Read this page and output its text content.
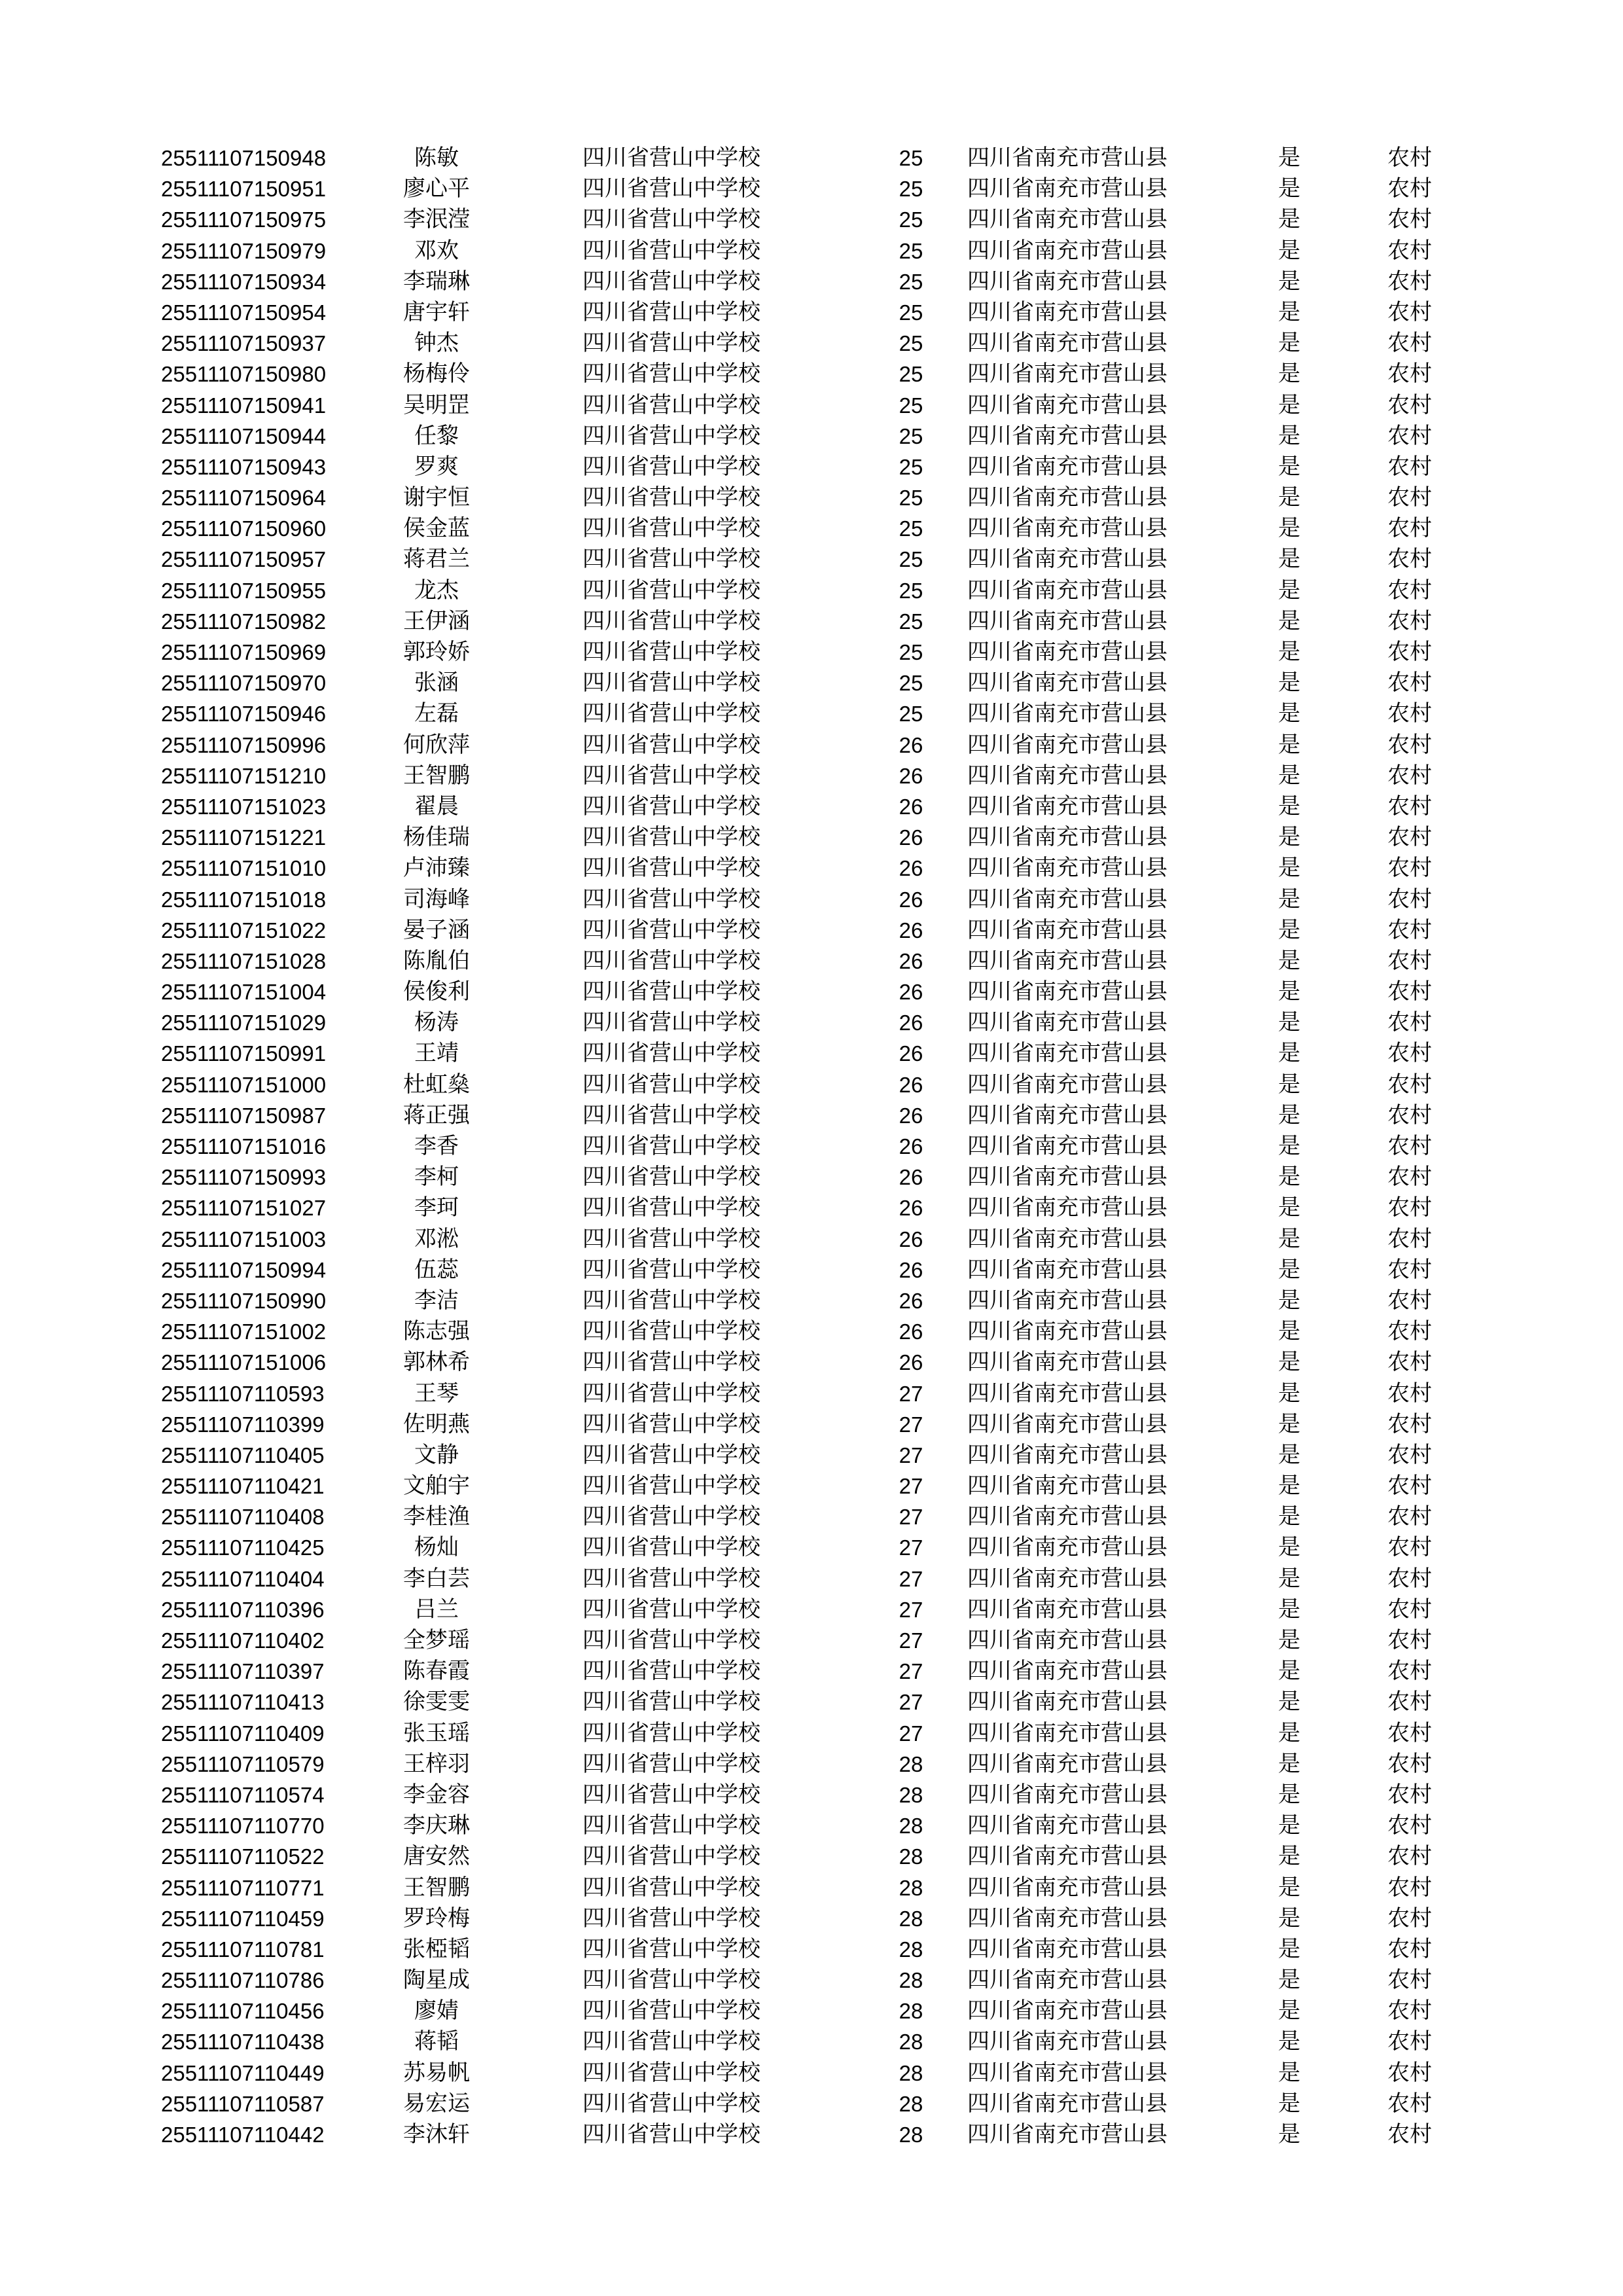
25511107150948	陈敏	四川省营山中学校	25	四川省南充市营山县	是	农村
25511107150951	廖心平	四川省营山中学校	25	四川省南充市营山县	是	农村
25511107150975	李泯滢	四川省营山中学校	25	四川省南充市营山县	是	农村
25511107150979	邓欢	四川省营山中学校	25	四川省南充市营山县	是	农村
25511107150934	李瑞琳	四川省营山中学校	25	四川省南充市营山县	是	农村
25511107150954	唐宇轩	四川省营山中学校	25	四川省南充市营山县	是	农村
25511107150937	钟杰	四川省营山中学校	25	四川省南充市营山县	是	农村
25511107150980	杨梅伶	四川省营山中学校	25	四川省南充市营山县	是	农村
25511107150941	吴明罡	四川省营山中学校	25	四川省南充市营山县	是	农村
25511107150944	任黎	四川省营山中学校	25	四川省南充市营山县	是	农村
25511107150943	罗爽	四川省营山中学校	25	四川省南充市营山县	是	农村
25511107150964	谢宇恒	四川省营山中学校	25	四川省南充市营山县	是	农村
25511107150960	侯金蓝	四川省营山中学校	25	四川省南充市营山县	是	农村
25511107150957	蒋君兰	四川省营山中学校	25	四川省南充市营山县	是	农村
25511107150955	龙杰	四川省营山中学校	25	四川省南充市营山县	是	农村
25511107150982	王伊涵	四川省营山中学校	25	四川省南充市营山县	是	农村
25511107150969	郭玲娇	四川省营山中学校	25	四川省南充市营山县	是	农村
25511107150970	张涵	四川省营山中学校	25	四川省南充市营山县	是	农村
25511107150946	左磊	四川省营山中学校	25	四川省南充市营山县	是	农村
25511107150996	何欣萍	四川省营山中学校	26	四川省南充市营山县	是	农村
25511107151210	王智鹏	四川省营山中学校	26	四川省南充市营山县	是	农村
25511107151023	翟晨	四川省营山中学校	26	四川省南充市营山县	是	农村
25511107151221	杨佳瑞	四川省营山中学校	26	四川省南充市营山县	是	农村
25511107151010	卢沛臻	四川省营山中学校	26	四川省南充市营山县	是	农村
25511107151018	司海峰	四川省营山中学校	26	四川省南充市营山县	是	农村
25511107151022	晏子涵	四川省营山中学校	26	四川省南充市营山县	是	农村
25511107151028	陈胤伯	四川省营山中学校	26	四川省南充市营山县	是	农村
25511107151004	侯俊利	四川省营山中学校	26	四川省南充市营山县	是	农村
25511107151029	杨涛	四川省营山中学校	26	四川省南充市营山县	是	农村
25511107150991	王靖	四川省营山中学校	26	四川省南充市营山县	是	农村
25511107151000	杜虹燊	四川省营山中学校	26	四川省南充市营山县	是	农村
25511107150987	蒋正强	四川省营山中学校	26	四川省南充市营山县	是	农村
25511107151016	李香	四川省营山中学校	26	四川省南充市营山县	是	农村
25511107150993	李柯	四川省营山中学校	26	四川省南充市营山县	是	农村
25511107151027	李珂	四川省营山中学校	26	四川省南充市营山县	是	农村
25511107151003	邓淞	四川省营山中学校	26	四川省南充市营山县	是	农村
25511107150994	伍蕊	四川省营山中学校	26	四川省南充市营山县	是	农村
25511107150990	李洁	四川省营山中学校	26	四川省南充市营山县	是	农村
25511107151002	陈志强	四川省营山中学校	26	四川省南充市营山县	是	农村
25511107151006	郭林希	四川省营山中学校	26	四川省南充市营山县	是	农村
25511107110593	王琴	四川省营山中学校	27	四川省南充市营山县	是	农村
25511107110399	佐明燕	四川省营山中学校	27	四川省南充市营山县	是	农村
25511107110405	文静	四川省营山中学校	27	四川省南充市营山县	是	农村
25511107110421	文舶宇	四川省营山中学校	27	四川省南充市营山县	是	农村
25511107110408	李桂渔	四川省营山中学校	27	四川省南充市营山县	是	农村
25511107110425	杨灿	四川省营山中学校	27	四川省南充市营山县	是	农村
25511107110404	李白芸	四川省营山中学校	27	四川省南充市营山县	是	农村
25511107110396	吕兰	四川省营山中学校	27	四川省南充市营山县	是	农村
25511107110402	全梦瑶	四川省营山中学校	27	四川省南充市营山县	是	农村
25511107110397	陈春霞	四川省营山中学校	27	四川省南充市营山县	是	农村
25511107110413	徐雯雯	四川省营山中学校	27	四川省南充市营山县	是	农村
25511107110409	张玉瑶	四川省营山中学校	27	四川省南充市营山县	是	农村
25511107110579	王梓羽	四川省营山中学校	28	四川省南充市营山县	是	农村
25511107110574	李金容	四川省营山中学校	28	四川省南充市营山县	是	农村
25511107110770	李庆琳	四川省营山中学校	28	四川省南充市营山县	是	农村
25511107110522	唐安然	四川省营山中学校	28	四川省南充市营山县	是	农村
25511107110771	王智鹏	四川省营山中学校	28	四川省南充市营山县	是	农村
25511107110459	罗玲梅	四川省营山中学校	28	四川省南充市营山县	是	农村
25511107110781	张椏韬	四川省营山中学校	28	四川省南充市营山县	是	农村
25511107110786	陶星成	四川省营山中学校	28	四川省南充市营山县	是	农村
25511107110456	廖婧	四川省营山中学校	28	四川省南充市营山县	是	农村
25511107110438	蒋韬	四川省营山中学校	28	四川省南充市营山县	是	农村
25511107110449	苏易帆	四川省营山中学校	28	四川省南充市营山县	是	农村
25511107110587	易宏运	四川省营山中学校	28	四川省南充市营山县	是	农村
25511107110442	李沐轩	四川省营山中学校	28	四川省南充市营山县	是	农村
